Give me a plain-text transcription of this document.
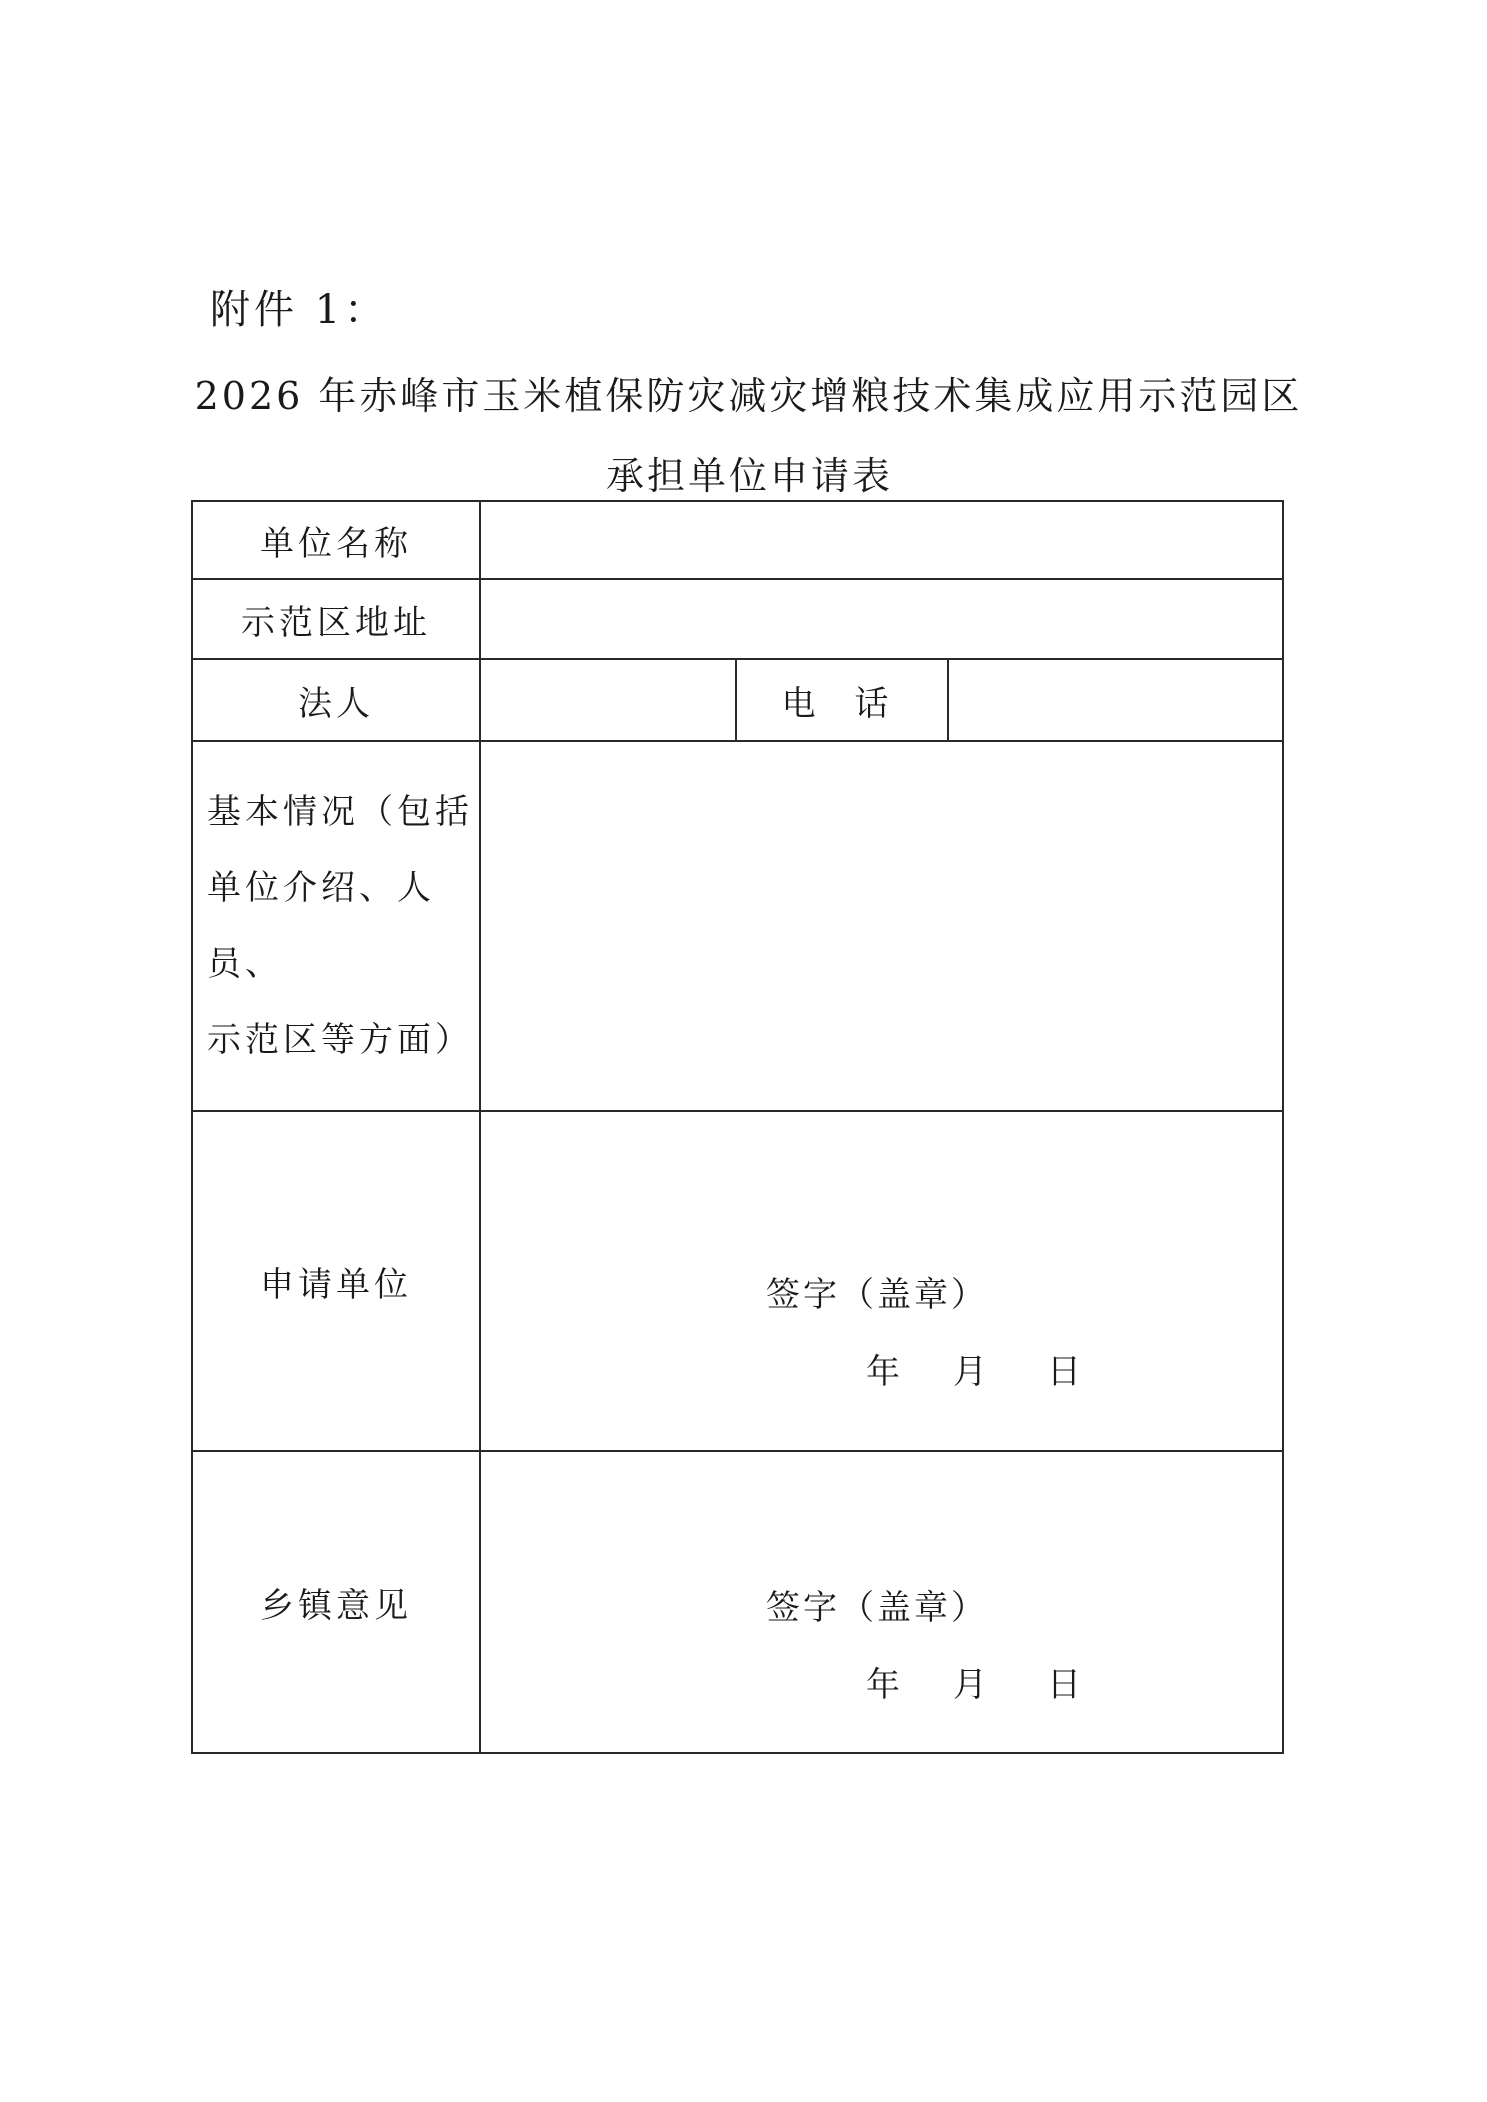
附件 1：
2026 年赤峰市玉米植保防灾减灾增粮技术集成应用示范园区
承担单位申请表
单位名称			
示范区地址			
法人		电 话	

基本情况（包括
单位介绍、人员、
示范区等方面）			

申请单位	签字（盖章）
年 月 日		

乡镇意见	签字（盖章）
年 月 日		
